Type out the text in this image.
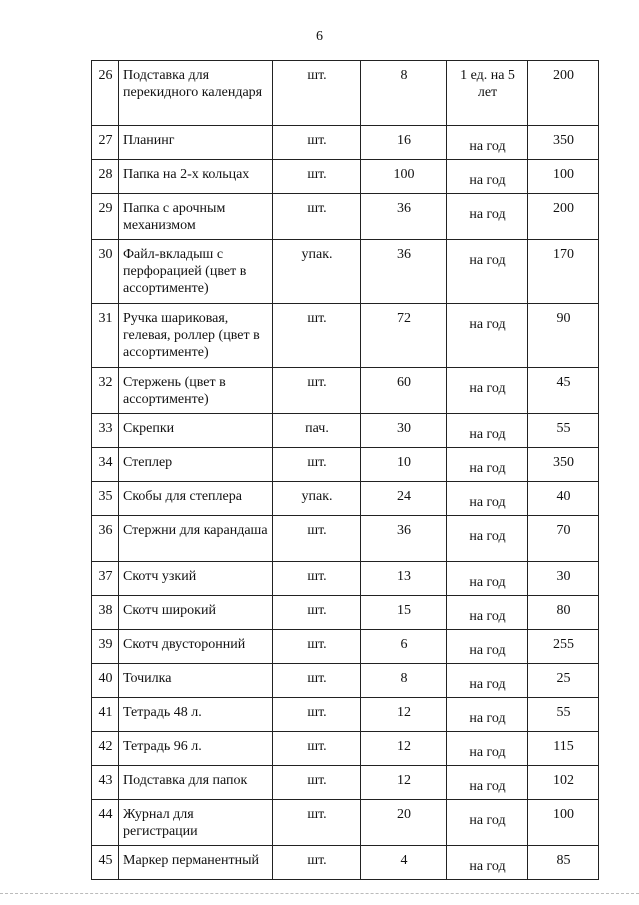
6
26	Подставка для перекидного календаря	шт.	8	1 ед. на 5 лет	200
27	Планинг	шт.	16	на год	350
28	Папка на 2-х кольцах	шт.	100	на год	100
29	Папка с арочным механизмом	шт.	36	на год	200
30	Файл-вкладыш с перфорацией (цвет в ассортименте)	упак.	36	на год	170
31	Ручка шариковая, гелевая, роллер (цвет в ассортименте)	шт.	72	на год	90
32	Стержень (цвет в ассортименте)	шт.	60	на год	45
33	Скрепки	пач.	30	на год	55
34	Степлер	шт.	10	на год	350
35	Скобы для степлера	упак.	24	на год	40
36	Стержни для карандаша	шт.	36	на год	70
37	Скотч узкий	шт.	13	на год	30
38	Скотч широкий	шт.	15	на год	80
39	Скотч двусторонний	шт.	6	на год	255
40	Точилка	шт.	8	на год	25
41	Тетрадь 48 л.	шт.	12	на год	55
42	Тетрадь 96 л.	шт.	12	на год	115
43	Подставка для папок	шт.	12	на год	102
44	Журнал для регистрации	шт.	20	на год	100
45	Маркер перманентный	шт.	4	на год	85
